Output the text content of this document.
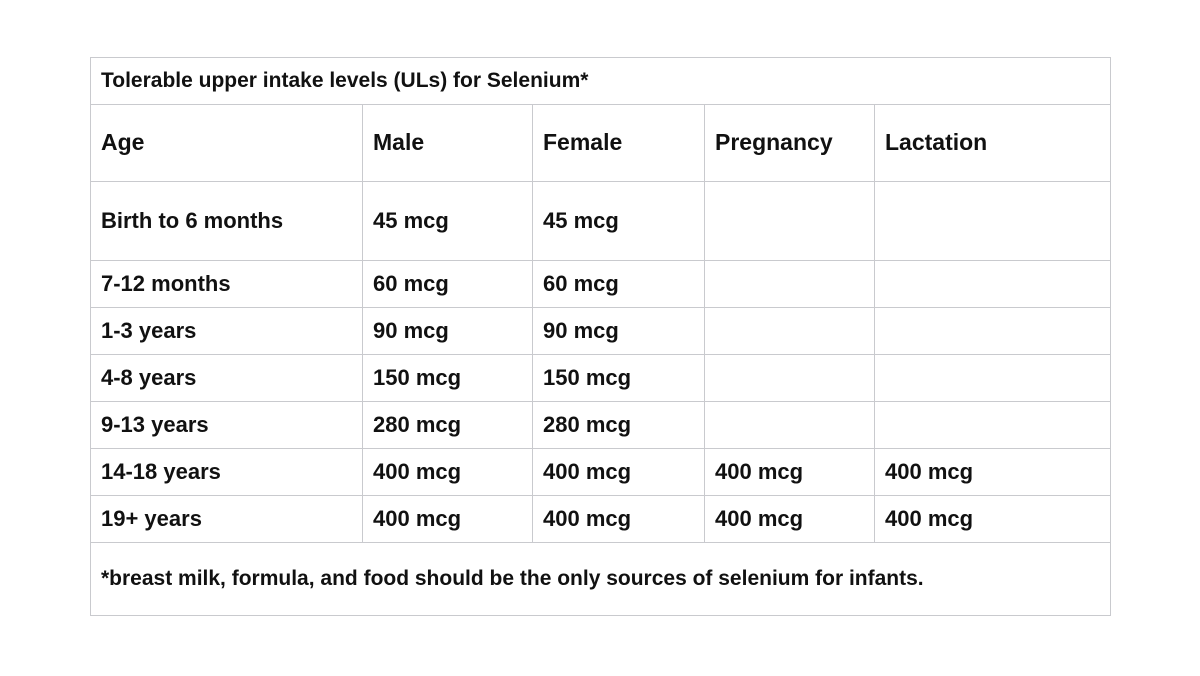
Tolerable upper intake levels (ULs) for Selenium*				
Age	Male	Female	Pregnancy	Lactation
Birth to 6 months	45 mcg	45 mcg		
7-12 months	60 mcg	60 mcg		
1-3 years	90 mcg	90 mcg		
4-8 years	150 mcg	150 mcg		
9-13 years	280 mcg	280 mcg		
14-18 years	400 mcg	400 mcg	400 mcg	400 mcg
19+ years	400 mcg	400 mcg	400 mcg	400 mcg
*breast milk, formula, and food should be the only sources of selenium for infants.				
